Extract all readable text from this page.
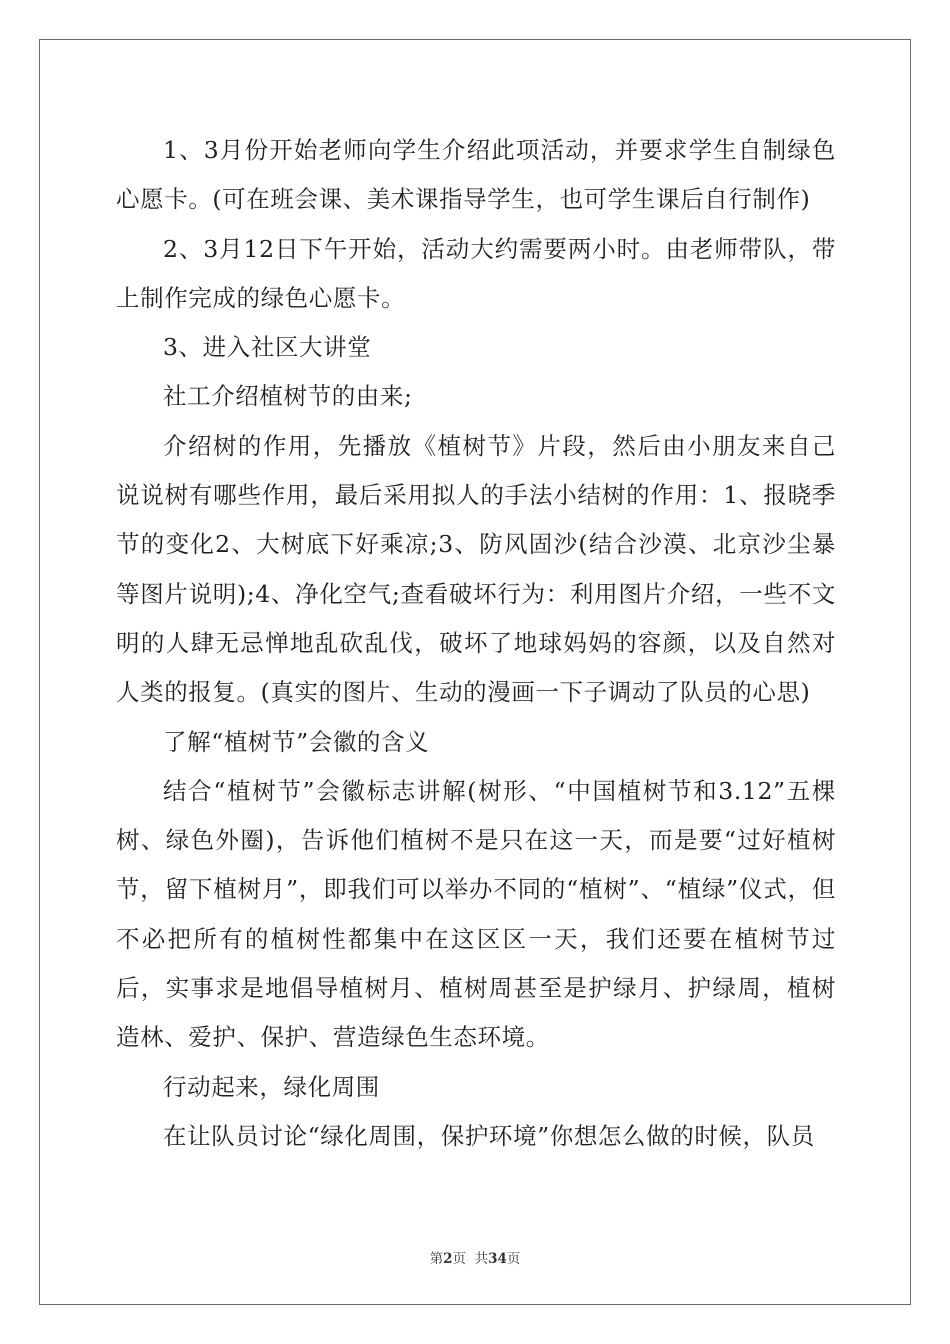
1、3月份开始老师向学生介绍此项活动，并要求学生自制绿色心愿卡。(可在班会课、美术课指导学生，也可学生课后自行制作)

2、3月12日下午开始，活动大约需要两小时。由老师带队，带上制作完成的绿色心愿卡。

3、进入社区大讲堂

社工介绍植树节的由来;

介绍树的作用，先播放《植树节》片段，然后由小朋友来自己说说树有哪些作用，最后采用拟人的手法小结树的作用：1、报晓季节的变化2、大树底下好乘凉;3、防风固沙(结合沙漠、北京沙尘暴等图片说明);4、净化空气;查看破坏行为：利用图片介绍，一些不文明的人肆无忌惮地乱砍乱伐，破坏了地球妈妈的容颜，以及自然对人类的报复。(真实的图片、生动的漫画一下子调动了队员的心思)

了解“植树节”会徽的含义

结合“植树节”会徽标志讲解(树形、“中国植树节和3.12”五棵树、绿色外圈)，告诉他们植树不是只在这一天，而是要“过好植树节，留下植树月”，即我们可以举办不同的“植树”、“植绿”仪式，但不必把所有的植树性都集中在这区区一天，我们还要在植树节过后，实事求是地倡导植树月、植树周甚至是护绿月、护绿周，植树造林、爱护、保护、营造绿色生态环境。

行动起来，绿化周围

在让队员讨论“绿化周围，保护环境”你想怎么做的时候，队员

第2页  共34页
